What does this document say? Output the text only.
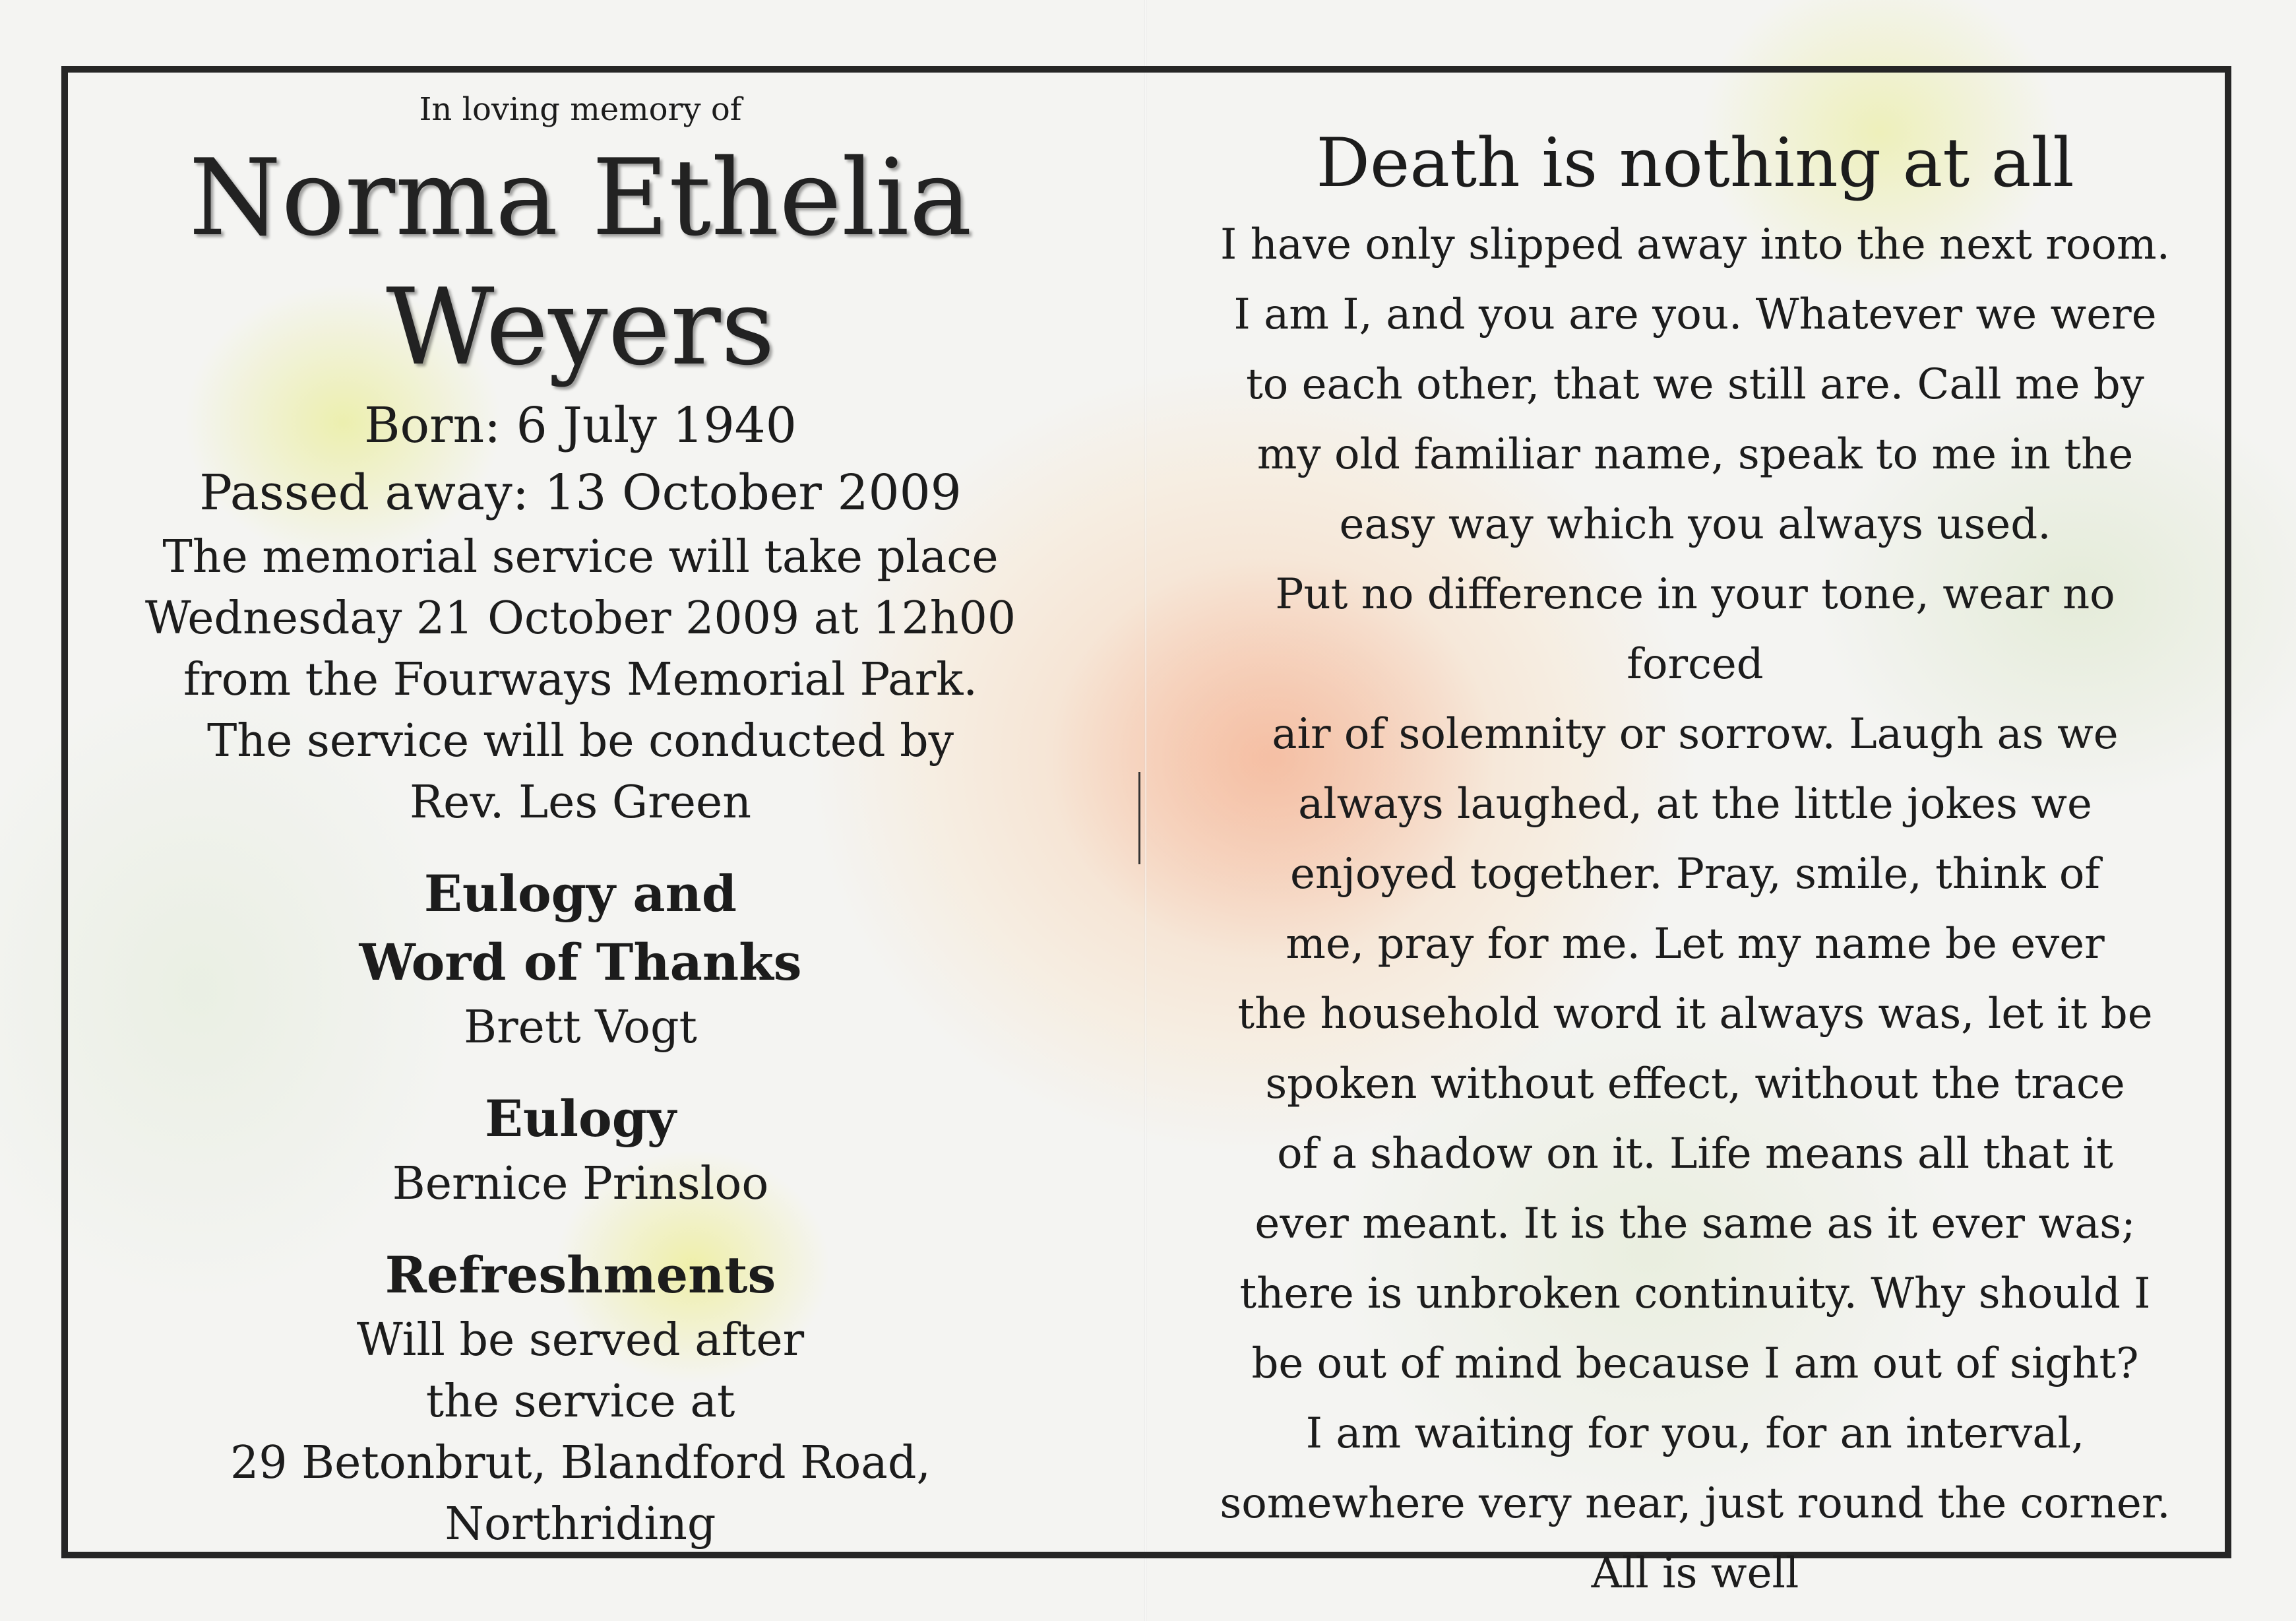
In loving memory of

Norma Ethelia
Weyers

Born: 6 July 1940

Passed away: 13 October 2009

The memorial service will take place

Wednesday 21 October 2009 at 12h00

from the Fourways Memorial Park.

The service will be conducted by

Rev. Les Green

Eulogy and

Word of Thanks

Brett Vogt

Eulogy

Bernice Prinsloo

Refreshments

Will be served after

the service at

29 Betonbrut, Blandford Road,

Northriding

Death is nothing at all

I have only slipped away into the next room.

I am I, and you are you. Whatever we were

to each other, that we still are. Call me by

my old familiar name, speak to me in the

easy way which you always used.

Put no difference in your tone, wear no forced

air of solemnity or sorrow. Laugh as we

always laughed, at the little jokes we

enjoyed together. Pray, smile, think of

me, pray for me. Let my name be ever

the household word it always was, let it be

spoken without effect, without the trace

of a shadow on it. Life means all that it

ever meant. It is the same as it ever was;

there is unbroken continuity. Why should I

be out of mind because I am out of sight?

I am waiting for you, for an interval,

somewhere very near, just round the corner.

All is well
